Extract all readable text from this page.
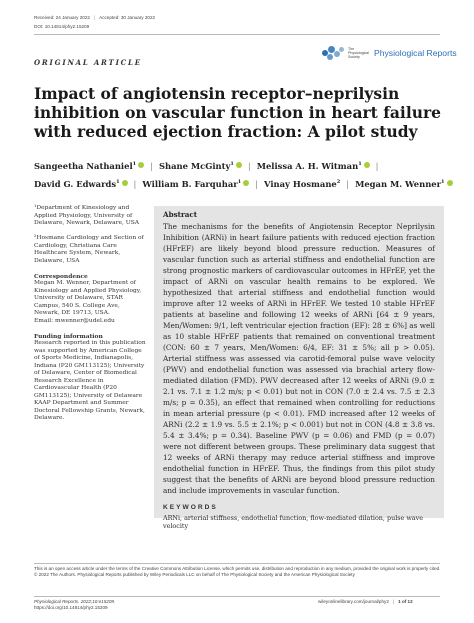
Received: 24 January 2022 | Accepted: 30 January 2022
DOI: 10.14814/phy2.15209
ORIGINAL ARTICLE
The Physiological Society	Physiological Reports
Impact of angiotensin receptor–neprilysin inhibition on vascular function in heart failure with reduced ejection fraction: A pilot study
Sangeetha Nathaniel$^1$ | Shane McGinty$^1$ | Melissa A. H. Witman$^1$ |
David G. Edwards$^1$ | William B. Farquhar$^1$ | Vinay Hosmane$^2$ | Megan M. Wenner$^1$
¹Department of Kinesiology and Applied Physiology, University of Delaware, Newark, Delaware, USA
²Hosmane Cardiology and Section of Cardiology, Christiana Care Healthcare System, Newark, Delaware, USA
Correspondence
Megan M. Wenner, Department of Kinesiology and Applied Physiology, University of Delaware, STAR Campus, 540 S. College Ave, Newark, DE 19713, USA.
Email: mwenner@udel.edu
Funding information
Research reported in this publication was supported by American College of Sports Medicine, Indianapolis, Indiana (P20 GM113125); University of Delaware, Center of Biomedical Research Excellence in Cardiovascular Health (P20 GM113125); University of Delaware KAAP Department and Summer Doctoral Fellowship Grants, Newark, Delaware.
Abstract
The mechanisms for the benefits of Angiotensin Receptor Neprilysin Inhibition (ARNi) in heart failure patients with reduced ejection fraction (HFrEF) are likely beyond blood pressure reduction. Measures of vascular function such as arterial stiffness and endothelial function are strong prognostic markers of cardiovascular outcomes in HFrEF, yet the impact of ARNi on vascular health remains to be explored. We hypothesized that arterial stiffness and endothelial function would improve after 12 weeks of ARNi in HFrEF. We tested 10 stable HFrEF patients at baseline and following 12 weeks of ARNi [64 ± 9 years, Men/Women: 9/1, left ventricular ejection fraction (EF): 28 ± 6%] as well as 10 stable HFrEF patients that remained on conventional treatment (CON: 60 ± 7 years, Men/Women: 6/4, EF: 31 ± 5%; all p > 0.05). Arterial stiffness was assessed via carotid-femoral pulse wave velocity (PWV) and endothelial function was assessed via brachial artery flow-mediated dilation (FMD). PWV decreased after 12 weeks of ARNi (9.0 ± 2.1 vs. 7.1 ± 1.2 m/s; p < 0.01) but not in CON (7.0 ± 2.4 vs. 7.5 ± 2.3 m/s; p = 0.35), an effect that remained when controlling for reductions in mean arterial pressure (p < 0.01). FMD increased after 12 weeks of ARNi (2.2 ± 1.9 vs. 5.5 ± 2.1%; p < 0.001) but not in CON (4.8 ± 3.8 vs. 5.4 ± 3.4%; p = 0.34). Baseline PWV (p = 0.06) and FMD (p = 0.07) were not different between groups. These preliminary data suggest that 12 weeks of ARNi therapy may reduce arterial stiffness and improve endothelial function in HFrEF. Thus, the findings from this pilot study suggest that the benefits of ARNi are beyond blood pressure reduction and include improvements in vascular function.
KEYWORDS
ARNi, arterial stiffness, endothelial function, flow-mediated dilation, pulse wave velocity
This is an open access article under the terms of the Creative Commons Attribution License, which permits use, distribution and reproduction in any medium, provided the original work is properly cited.
© 2022 The Authors. Physiological Reports published by Wiley Periodicals LLC on behalf of The Physiological Society and the American Physiological Society
Physiological Reports. 2022;10:e15209.
https://doi.org/10.14814/phy2.15209
wileyonlinelibrary.com/journal/phy2 | 1 of 12
